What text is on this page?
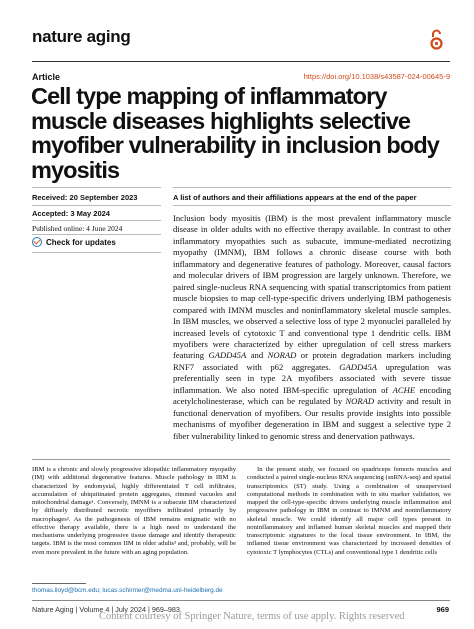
nature aging
Article	https://doi.org/10.1038/s43587-024-00645-9
Cell type mapping of inflammatory muscle diseases highlights selective myofiber vulnerability in inclusion body myositis
Received: 20 September 2023
Accepted: 3 May 2024
Published online: 4 June 2024
Check for updates
A list of authors and their affiliations appears at the end of the paper

Inclusion body myositis (IBM) is the most prevalent inflammatory muscle disease in older adults with no effective therapy available. In contrast to other inflammatory myopathies such as subacute, immune-mediated necrotizing myopathy (IMNM), IBM follows a chronic disease course with both inflammatory and degenerative features of pathology. Moreover, causal factors and molecular drivers of IBM progression are largely unknown. Therefore, we paired single-nucleus RNA sequencing with spatial transcriptomics from patient muscle biopsies to map cell-type-specific drivers underlying IBM pathogenesis compared with IMNM muscles and noninflammatory skeletal muscle samples. In IBM muscles, we observed a selective loss of type 2 myonuclei paralleled by increased levels of cytotoxic T and conventional type 1 dendritic cells. IBM myofibers were characterized by either upregulation of cell stress markers featuring GADD45A and NORAD or protein degradation markers including RNF7 associated with p62 aggregates. GADD45A upregulation was preferentially seen in type 2A myofibers associated with severe tissue inflammation. We also noted IBM-specific upregulation of ACHE encoding acetylcholinesterase, which can be regulated by NORAD activity and result in functional denervation of myofibers. Our results provide insights into possible mechanisms of myofiber degeneration in IBM and suggest a selective type 2 fiber vulnerability linked to genomic stress and denervation pathways.

IBM is a chronic and slowly progressive idiopathic inflammatory myopathy (IM) with additional degenerative features. Muscle pathology in IBM is characterized by endomysial, highly differentiated T cell infiltrates, accumulation of ubiquitinated protein aggregates, rimmed vacuoles and mitochondrial damage¹. Conversely, IMNM is a subacute IIM characterized by diffusely distributed necrotic myofibers infiltrated primarily by macrophages². As the pathogenesis of IBM remains enigmatic with no effective therapy available, there is a high need to understand the mechanisms underlying progressive tissue damage and identify therapeutic targets. IBM is the most common IIM in older adults³ and, probably, will be even more prevalent in the future with an aging population.

In the present study, we focused on quadriceps femoris muscles and conducted a paired single-nucleus RNA sequencing (snRNA-seq) and spatial transcriptomics (ST) study. Using a combination of unsupervised computational methods in combination with in situ marker validation, we mapped the cell-type-specific drivers underlying muscle inflammation and progressive pathology in IBM in contrast to IMNM and noninflammatory skeletal muscle. We could identify all major cell types present in noninflammatory and inflamed human skeletal muscles and mapped their transcriptomic signatures to the local tissue environment. In IBM, the inflamed tissue environment was characterized by increased densities of cytotoxic T lymphocytes (CTLs) and conventional type 1 dendritic cells

thomas.lloyd@bcm.edu; lucas.schirmer@medma.uni-heidelberg.de
Nature Aging | Volume 4 | July 2024 | 969–983	969
Content courtesy of Springer Nature, terms of use apply. Rights reserved
